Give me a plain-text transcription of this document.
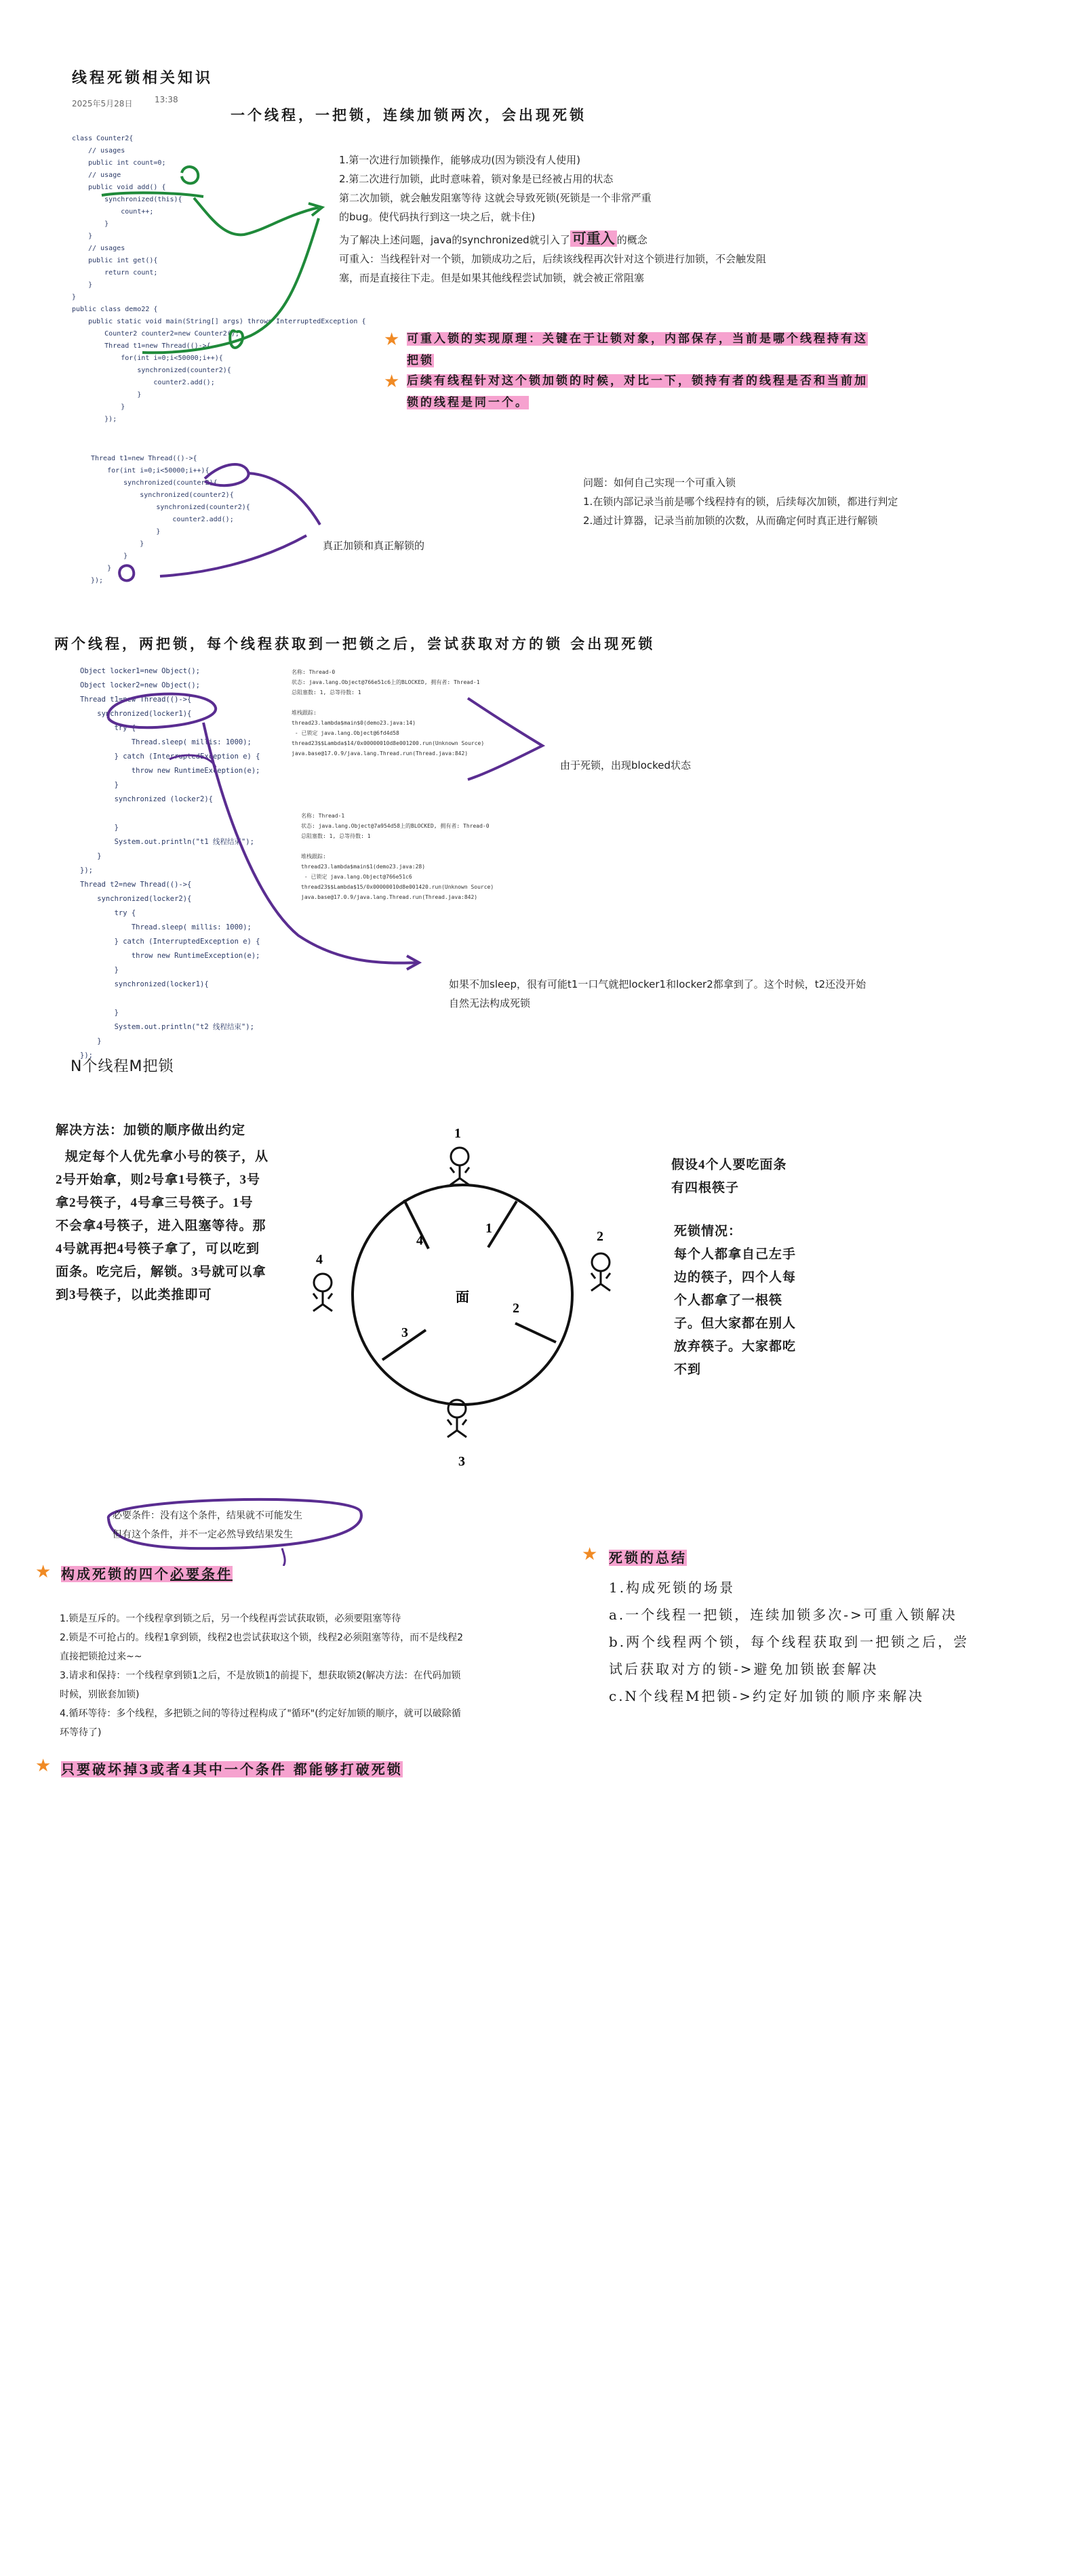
线程死锁相关知识
2025年5月28日	13:38
一个线程，一把锁，连续加锁两次，会出现死锁
class Counter2{
// usages
public int count=0;
// usage
public void add() {
synchronized(this){
count++;
}
}
// usages
public int get(){
return count;
}
}
public class demo22 {
public static void main(String[] args) throws InterruptedException {
Counter2 counter2=new Counter2();
Thread t1=new Thread(()->{
for(int i=0;i<50000;i++){
synchronized(counter2){
counter2.add();
}
}
});
1.第一次进行加锁操作，能够成功(因为锁没有人使用)
2.第二次进行加锁，此时意味着，锁对象是已经被占用的状态
第二次加锁，就会触发阻塞等待 这就会导致死锁(死锁是一个非常严重
的bug。使代码执行到这一块之后，就卡住)
为了解决上述问题，java的synchronized就引入了 可重入 的概念
可重入：当线程针对一个锁，加锁成功之后，后续该线程再次针对这个锁进行加锁，不会触发阻
塞，而是直接往下走。但是如果其他线程尝试加锁，就会被正常阻塞
★ 可重入锁的实现原理：关键在于让锁对象，内部保存，当前是哪个线程持有这把锁
★ 后续有线程针对这个锁加锁的时候，对比一下，锁持有者的线程是否和当前加锁的线程是同一个。
Thread t1=new Thread(()->{
for(int i=0;i<50000;i++){
synchronized(counter2){
synchronized(counter2){
synchronized(counter2){
counter2.add();
}
}
}
}
});
真正加锁和真正解锁的
问题：如何自己实现一个可重入锁
1.在锁内部记录当前是哪个线程持有的锁，后续每次加锁，都进行判定
2.通过计算器，记录当前加锁的次数，从而确定何时真正进行解锁
两个线程，两把锁，每个线程获取到一把锁之后，尝试获取对方的锁 会出现死锁
Object locker1=new Object();
Object locker2=new Object();
Thread t1=new Thread(()->{
synchronized(locker1){
try {
Thread.sleep( millis: 1000);
} catch (InterruptedException e) {
throw new RuntimeException(e);
}
synchronized (locker2){

}
System.out.println("t1 线程结束");
}
});
Thread t2=new Thread(()->{
synchronized(locker2){
try {
Thread.sleep( millis: 1000);
} catch (InterruptedException e) {
throw new RuntimeException(e);
}
synchronized(locker1){

}
System.out.println("t2 线程结束");
}
});
名称: Thread-0
状态: java.lang.Object@766e51c6上的BLOCKED, 拥有者: Thread-1
总阻塞数: 1, 总等待数: 1

堆栈跟踪:
thread23.lambda$main$0(demo23.java:14)
- 已锁定 java.lang.Object@6fd4d58
thread23$$Lambda$14/0x00000010d8e001200.run(Unknown Source)
java.base@17.0.9/java.lang.Thread.run(Thread.java:842)
名称: Thread-1
状态: java.lang.Object@7a954d58上的BLOCKED, 拥有者: Thread-0
总阻塞数: 1, 总等待数: 1

堆栈跟踪:
thread23.lambda$main$1(demo23.java:28)
- 已锁定 java.lang.Object@766e51c6
thread23$$Lambda$15/0x00000010d8e001420.run(Unknown Source)
java.base@17.0.9/java.lang.Thread.run(Thread.java:842)
由于死锁，出现blocked状态
如果不加sleep，很有可能t1一口气就把locker1和locker2都拿到了。这个时候，t2还没开始
自然无法构成死锁
N个线程M把锁
解决方法：加锁的顺序做出约定
规定每个人优先拿小号的筷子，从
2号开始拿，则2号拿1号筷子，3号
拿2号筷子，4号拿三号筷子。1号
不会拿4号筷子，进入阻塞等待。那
4号就再把4号筷子拿了，可以吃到
面条。吃完后，解锁。3号就可以拿
到3号筷子，以此类推即可
假设4个人要吃面条
有四根筷子
死锁情况：
每个人都拿自己左手
边的筷子，四个人每
个人都拿了一根筷
子。但大家都在别人
放弃筷子。大家都吃
不到
1
2
3
4
1
2
3
4
面
必要条件：没有这个条件，结果就不可能发生
但有这个条件，并不一定必然导致结果发生
★ 构成死锁的四个必要条件
1.锁是互斥的。一个线程拿到锁之后，另一个线程再尝试获取锁，必须要阻塞等待
2.锁是不可抢占的。线程1拿到锁，线程2也尝试获取这个锁，线程2必须阻塞等待，而不是线程2
直接把锁抢过来~~
3.请求和保持：一个线程拿到锁1之后，不是放锁1的前提下，想获取锁2(解决方法：在代码加锁
时候，别嵌套加锁)
4.循环等待：多个线程，多把锁之间的等待过程构成了"循环"(约定好加锁的顺序，就可以破除循
环等待了)
★ 只要破坏掉3或者4其中一个条件 都能够打破死锁
★ 死锁的总结
1.构成死锁的场景
a.一个线程一把锁，连续加锁多次->可重入锁解决
b.两个线程两个锁，每个线程获取到一把锁之后，尝
试后获取对方的锁->避免加锁嵌套解决
c.N个线程M把锁->约定好加锁的顺序来解决
